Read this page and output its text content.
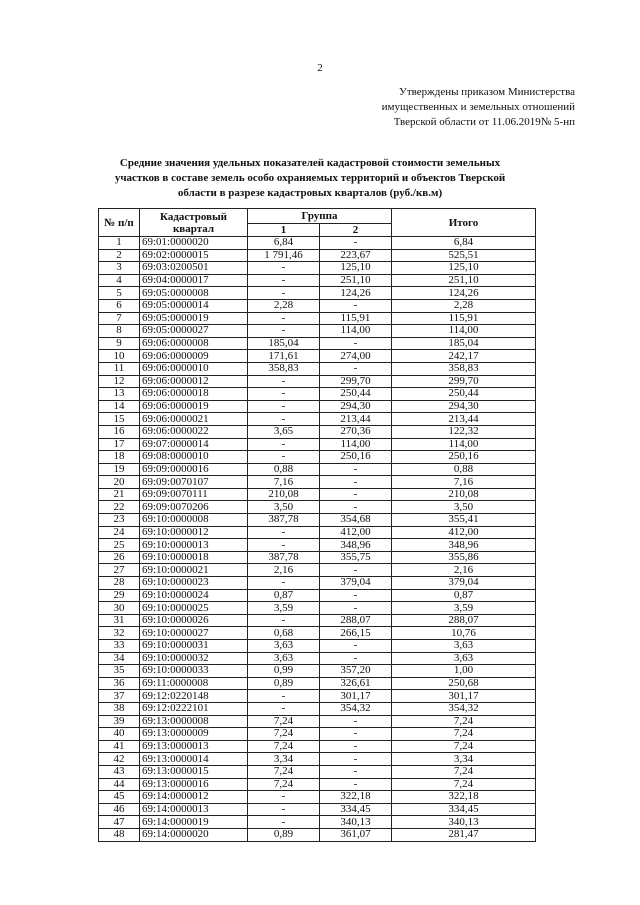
2
Утверждены приказом Министерства
имущественных и земельных отношений
Тверской области от 11.06.2019№ 5-нп
Средние значения удельных показателей кадастровой стоимости земельных
участков в составе земель особо охраняемых территорий и объектов Тверской
области в разрезе кадастровых кварталов (руб./кв.м)
№ п/п	Кадастровый квартал	Группа		Итого
		1	2	
1	69:01:0000020	6,84	-	6,84
2	69:02:0000015	1 791,46	223,67	525,51
3	69:03:0200501	-	125,10	125,10
4	69:04:0000017	-	251,10	251,10
5	69:05:0000008	-	124,26	124,26
6	69:05:0000014	2,28	-	2,28
7	69:05:0000019	-	115,91	115,91
8	69:05:0000027	-	114,00	114,00
9	69:06:0000008	185,04	-	185,04
10	69:06:0000009	171,61	274,00	242,17
11	69:06:0000010	358,83	-	358,83
12	69:06:0000012	-	299,70	299,70
13	69:06:0000018	-	250,44	250,44
14	69:06:0000019	-	294,30	294,30
15	69:06:0000021	-	213,44	213,44
16	69:06:0000022	3,65	270,36	122,32
17	69:07:0000014	-	114,00	114,00
18	69:08:0000010	-	250,16	250,16
19	69:09:0000016	0,88	-	0,88
20	69:09:0070107	7,16	-	7,16
21	69:09:0070111	210,08	-	210,08
22	69:09:0070206	3,50	-	3,50
23	69:10:0000008	387,78	354,68	355,41
24	69:10:0000012	-	412,00	412,00
25	69:10:0000013	-	348,96	348,96
26	69:10:0000018	387,78	355,75	355,86
27	69:10:0000021	2,16	-	2,16
28	69:10:0000023	-	379,04	379,04
29	69:10:0000024	0,87	-	0,87
30	69:10:0000025	3,59	-	3,59
31	69:10:0000026	-	288,07	288,07
32	69:10:0000027	0,68	266,15	10,76
33	69:10:0000031	3,63	-	3,63
34	69:10:0000032	3,63	-	3,63
35	69:10:0000033	0,99	357,20	1,00
36	69:11:0000008	0,89	326,61	250,68
37	69:12:0220148	-	301,17	301,17
38	69:12:0222101	-	354,32	354,32
39	69:13:0000008	7,24	-	7,24
40	69:13:0000009	7,24	-	7,24
41	69:13:0000013	7,24	-	7,24
42	69:13:0000014	3,34	-	3,34
43	69:13:0000015	7,24	-	7,24
44	69:13:0000016	7,24	-	7,24
45	69:14:0000012	-	322,18	322,18
46	69:14:0000013	-	334,45	334,45
47	69:14:0000019	-	340,13	340,13
48	69:14:0000020	0,89	361,07	281,47
